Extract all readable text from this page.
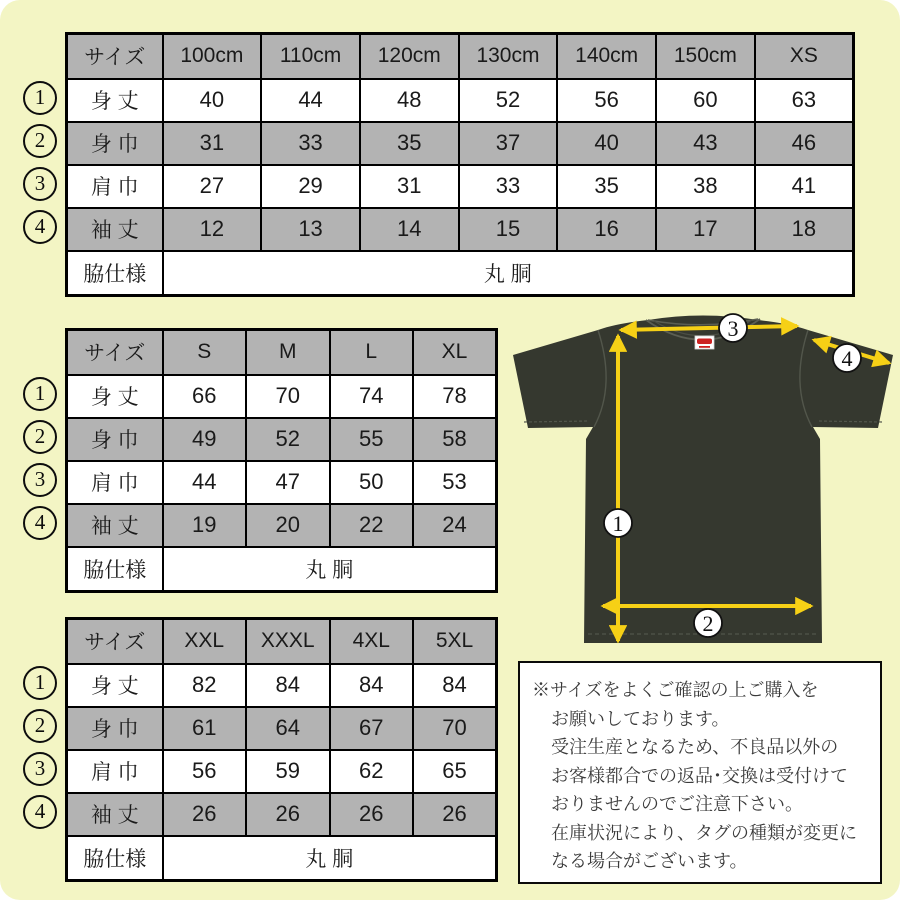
1
2
3
4
サイズ	100cm	110cm	120cm	130cm	140cm	150cm	XS
身 丈	40	44	48	52	56	60	63
身 巾	31	33	35	37	40	43	46
肩 巾	27	29	31	33	35	38	41
袖 丈	12	13	14	15	16	17	18
脇仕様	丸 胴						
1
2
3
4
サイズ	S	M	L	XL
身 丈	66	70	74	78
身 巾	49	52	55	58
肩 巾	44	47	50	53
袖 丈	19	20	22	24
脇仕様	丸 胴			
1
2
3
4
サイズ	XXL	XXXL	4XL	5XL
身 丈	82	84	84	84
身 巾	61	64	67	70
肩 巾	56	59	62	65
袖 丈	26	26	26	26
脇仕様	丸 胴			
3
4
1
2
※サイズをよくご確認の上ご購入を
お願いしております。
受注生産となるため、不良品以外の
お客様都合での返品･交換は受付けて
おりませんのでご注意下さい。
在庫状況により、タグの種類が変更に
なる場合がございます。
